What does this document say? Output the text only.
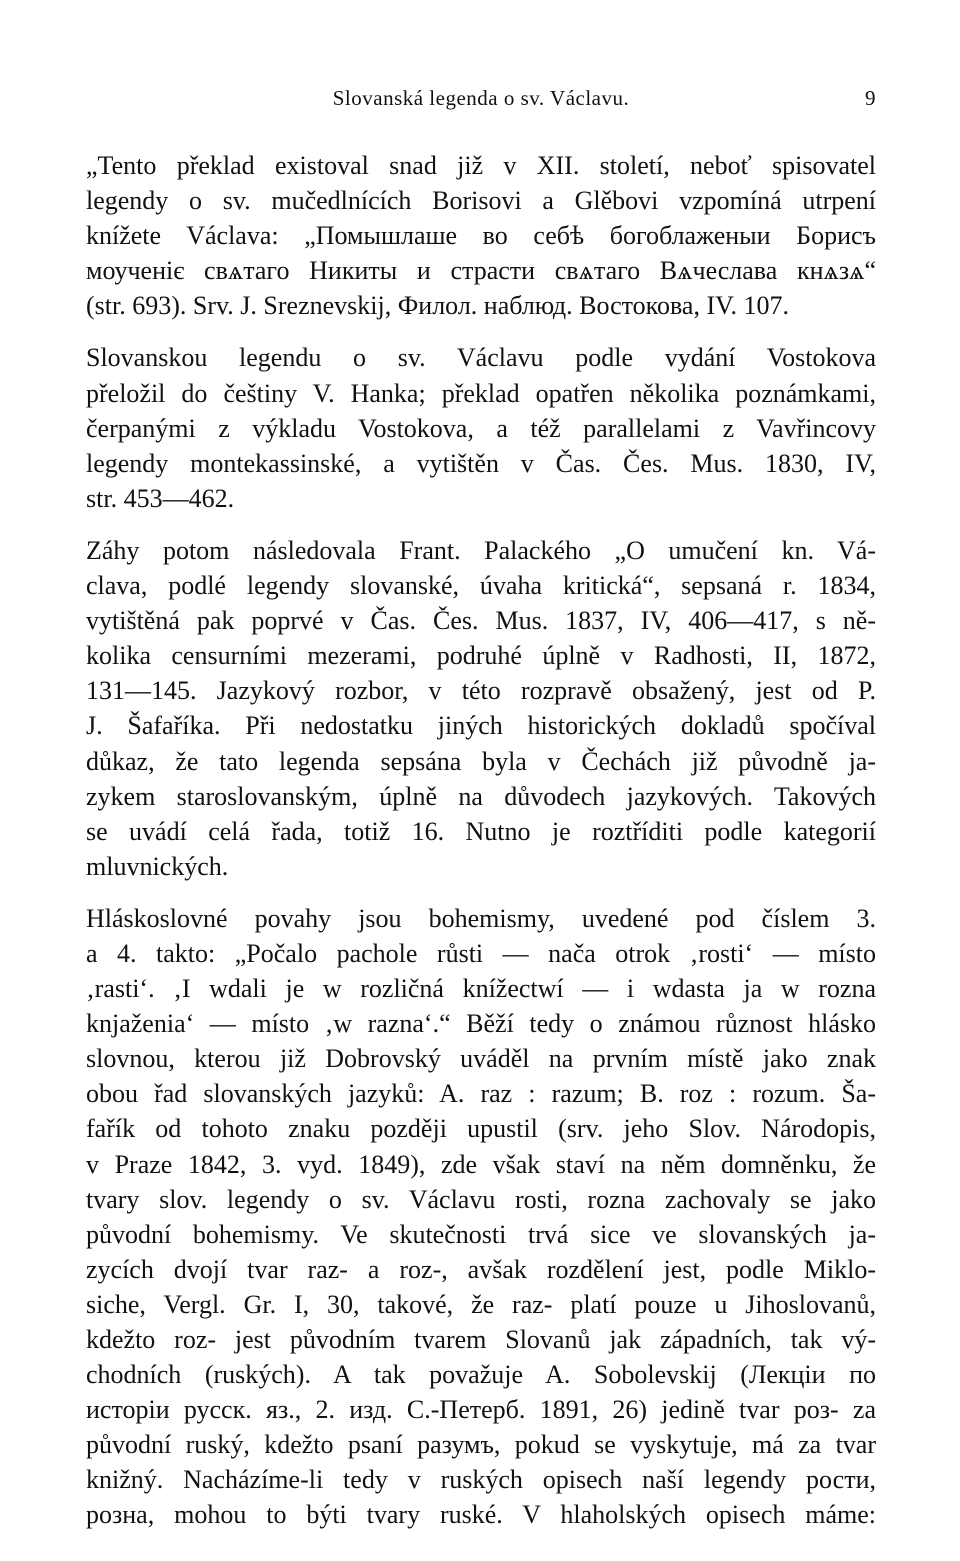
Slovanská legenda o sv. Václavu.	9
„Tento překlad existoval snad již v XII. století, neboť spisovatel
legendy o sv. mučedlnících Borisovi a Glěbovi vzpomíná utrpení
knížete Václava: „Помышлаше во себѣ богоблаженыи Борисъ
моученіє свѧтаго Никиты и страсти свѧтаго Вѧчеслава кнѧзѧ“
(str. 693). Srv. J. Sreznevskij, Филол. наблюд. Востокова, IV. 107.
Slovanskou legendu o sv. Václavu podle vydání Vostokova
přeložil do češtiny V. Hanka; překlad opatřen několika poznámkami,
čerpanými z výkladu Vostokova, a též parallelami z Vavřincovy
legendy montekassinské, a vytištěn v Čas. Čes. Mus. 1830, IV,
str. 453—462.
Záhy potom následovala Frant. Palackého „O umučení kn. Vá-
clava, podlé legendy slovanské, úvaha kritická“, sepsaná r. 1834,
vytištěná pak poprvé v Čas. Čes. Mus. 1837, IV, 406—417, s ně-
kolika censurními mezerami, podruhé úplně v Radhosti, II, 1872,
131—145. Jazykový rozbor, v této rozpravě obsažený, jest od P.
J. Šafaříka. Při nedostatku jiných historických dokladů spočíval
důkaz, že tato legenda sepsána byla v Čechách již původně ja-
zykem staroslovanským, úplně na důvodech jazykových. Takových
se uvádí celá řada, totiž 16. Nutno je roztříditi podle kategorií
mluvnických.
Hláskoslovné povahy jsou bohemismy, uvedené pod číslem 3.
a 4. takto: „Počalo pachole růsti — nača otrok ‚rosti‘ — místo
‚rasti‘. ‚I wdali je w rozličná knížectwí — i wdasta ja w rozna
knjaženia‘ — místo ‚w razna‘.“ Běží tedy o známou různost hlásko
slovnou, kterou již Dobrovský uváděl na prvním místě jako znak
obou řad slovanských jazyků: A. raz : razum; B. roz : rozum. Ša-
fařík od tohoto znaku později upustil (srv. jeho Slov. Národopis,
v Praze 1842, 3. vyd. 1849), zde však staví na něm domněnku, že
tvary slov. legendy o sv. Václavu rosti, rozna zachovaly se jako
původní bohemismy. Ve skutečnosti trvá sice ve slovanských ja-
zycích dvojí tvar raz- a roz-, avšak rozdělení jest, podle Miklo-
siche, Vergl. Gr. I, 30, takové, že raz- platí pouze u Jihoslovanů,
kdežto roz- jest původním tvarem Slovanů jak západních, tak vý-
chodních (ruských). A tak považuje A. Sobolevskij (Лекціи по
исторіи русск. яз., 2. изд. С.-Петерб. 1891, 26) jedině tvar роз- za
původní ruský, kdežto psaní разумъ, pokud se vyskytuje, má za tvar
knižný. Nacházíme-li tedy v ruských opisech naší legendy рости,
розна, mohou to býti tvary ruské. V hlaholských opisech máme:
